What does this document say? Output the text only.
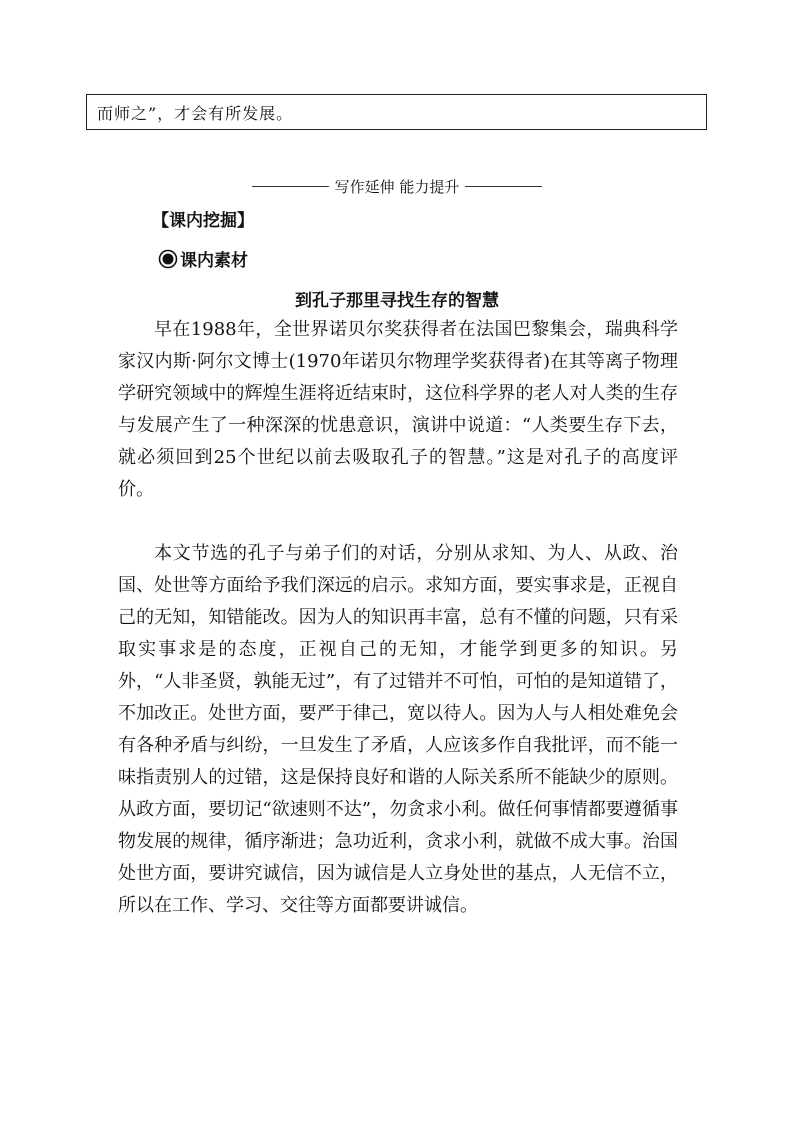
而师之”，才会有所发展。
写作延伸 能力提升
【课内挖掘】
课内素材
到孔子那里寻找生存的智慧

早在1988年，全世界诺贝尔奖获得者在法国巴黎集会，瑞典科学家汉内斯·阿尔文博士(1970年诺贝尔物理学奖获得者)在其等离子物理学研究领域中的辉煌生涯将近结束时，这位科学界的老人对人类的生存与发展产生了一种深深的忧患意识，演讲中说道：“人类要生存下去，就必须回到25个世纪以前去吸取孔子的智慧。”这是对孔子的高度评价。

本文节选的孔子与弟子们的对话，分别从求知、为人、从政、治国、处世等方面给予我们深远的启示。求知方面，要实事求是，正视自己的无知，知错能改。因为人的知识再丰富，总有不懂的问题，只有采取实事求是的态度，正视自己的无知，才能学到更多的知识。另外，“人非圣贤，孰能无过”，有了过错并不可怕，可怕的是知道错了，不加改正。处世方面，要严于律己，宽以待人。因为人与人相处难免会有各种矛盾与纠纷，一旦发生了矛盾，人应该多作自我批评，而不能一味指责别人的过错，这是保持良好和谐的人际关系所不能缺少的原则。从政方面，要切记“欲速则不达”，勿贪求小利。做任何事情都要遵循事物发展的规律，循序渐进；急功近利，贪求小利，就做不成大事。治国处世方面，要讲究诚信，因为诚信是人立身处世的基点，人无信不立，所以在工作、学习、交往等方面都要讲诚信。
